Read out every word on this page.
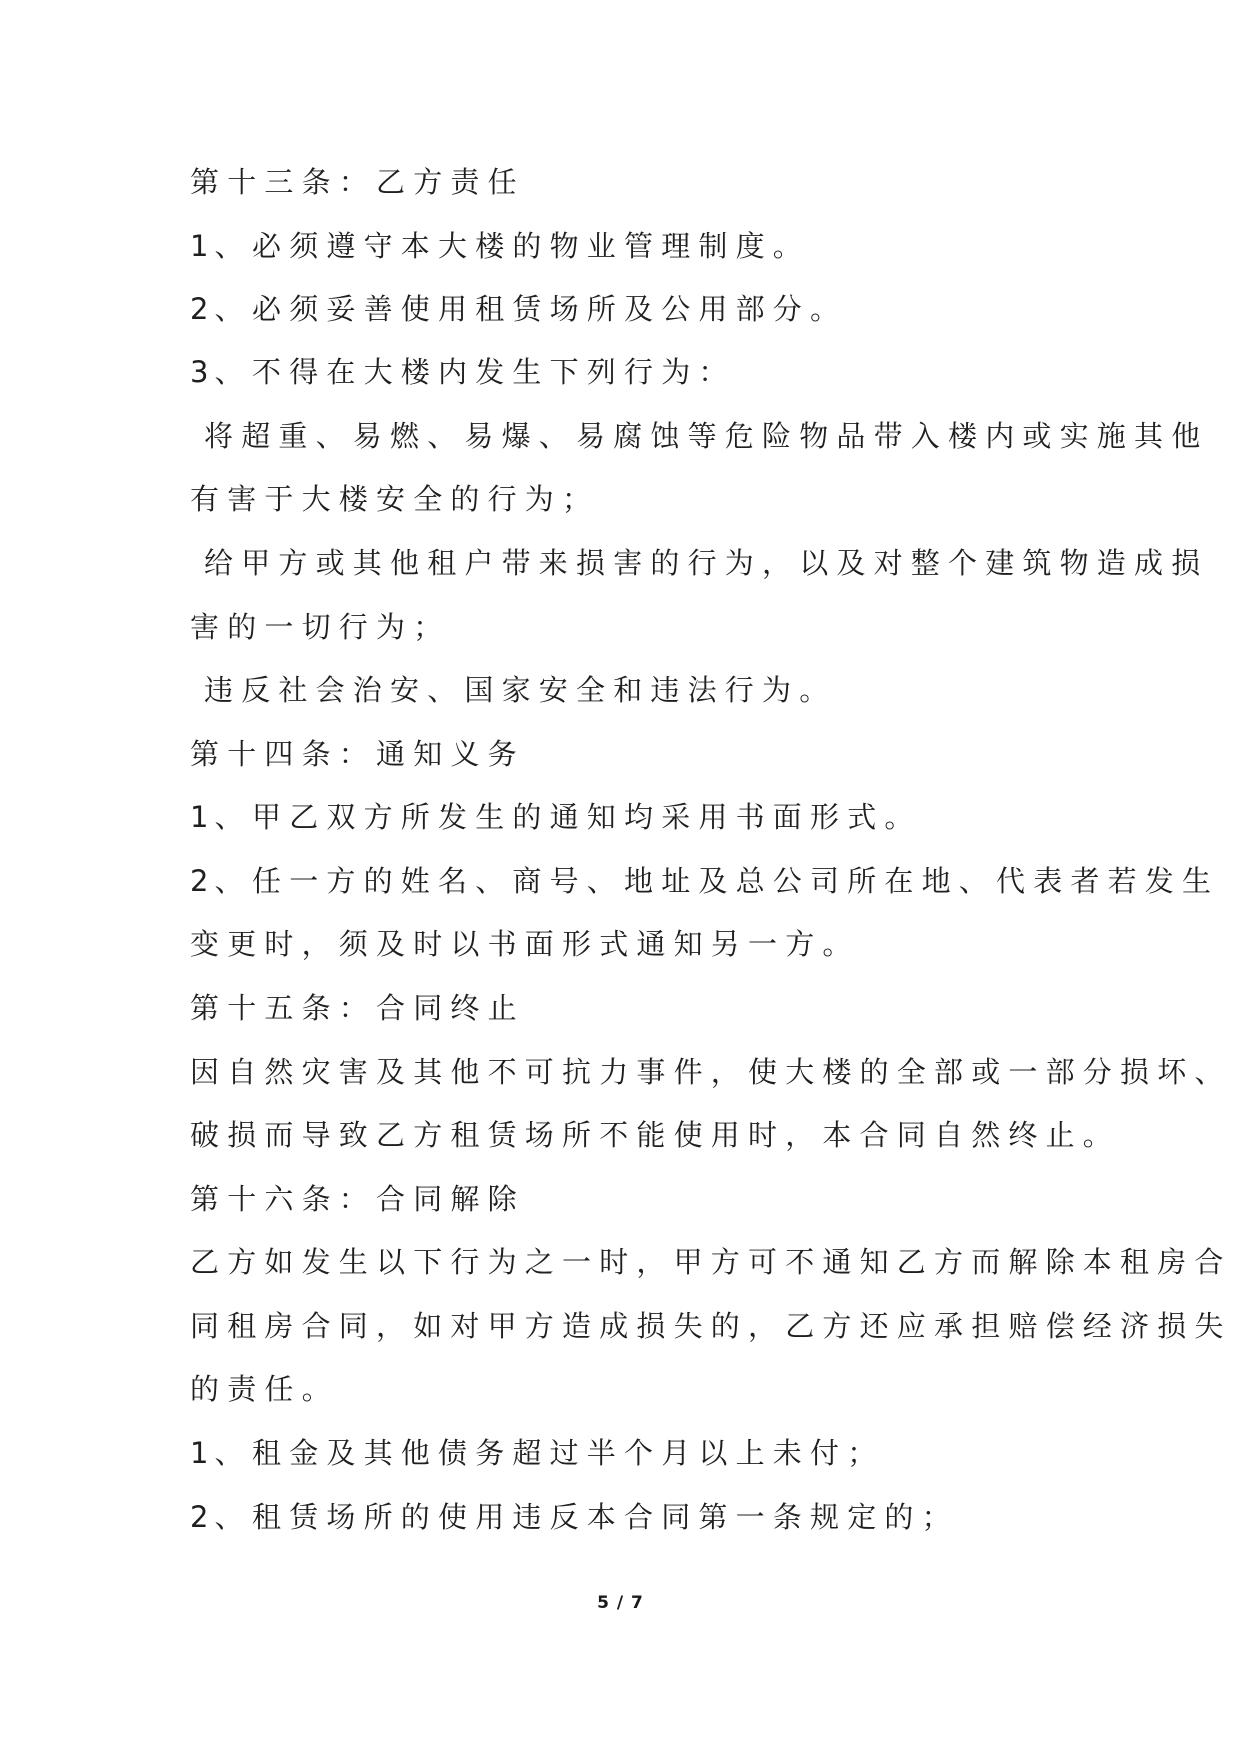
第十三条：乙方责任
1、必须遵守本大楼的物业管理制度。
2、必须妥善使用租赁场所及公用部分。
3、不得在大楼内发生下列行为：
将超重、易燃、易爆、易腐蚀等危险物品带入楼内或实施其他
有害于大楼安全的行为；
给甲方或其他租户带来损害的行为，以及对整个建筑物造成损
害的一切行为；
违反社会治安、国家安全和违法行为。
第十四条：通知义务
1、甲乙双方所发生的通知均采用书面形式。
2、任一方的姓名、商号、地址及总公司所在地、代表者若发生
变更时，须及时以书面形式通知另一方。
第十五条：合同终止
因自然灾害及其他不可抗力事件，使大楼的全部或一部分损坏、
破损而导致乙方租赁场所不能使用时，本合同自然终止。
第十六条：合同解除
乙方如发生以下行为之一时，甲方可不通知乙方而解除本租房合
同租房合同，如对甲方造成损失的，乙方还应承担赔偿经济损失
的责任。
1、租金及其他债务超过半个月以上未付；
2、租赁场所的使用违反本合同第一条规定的；
5 / 7
